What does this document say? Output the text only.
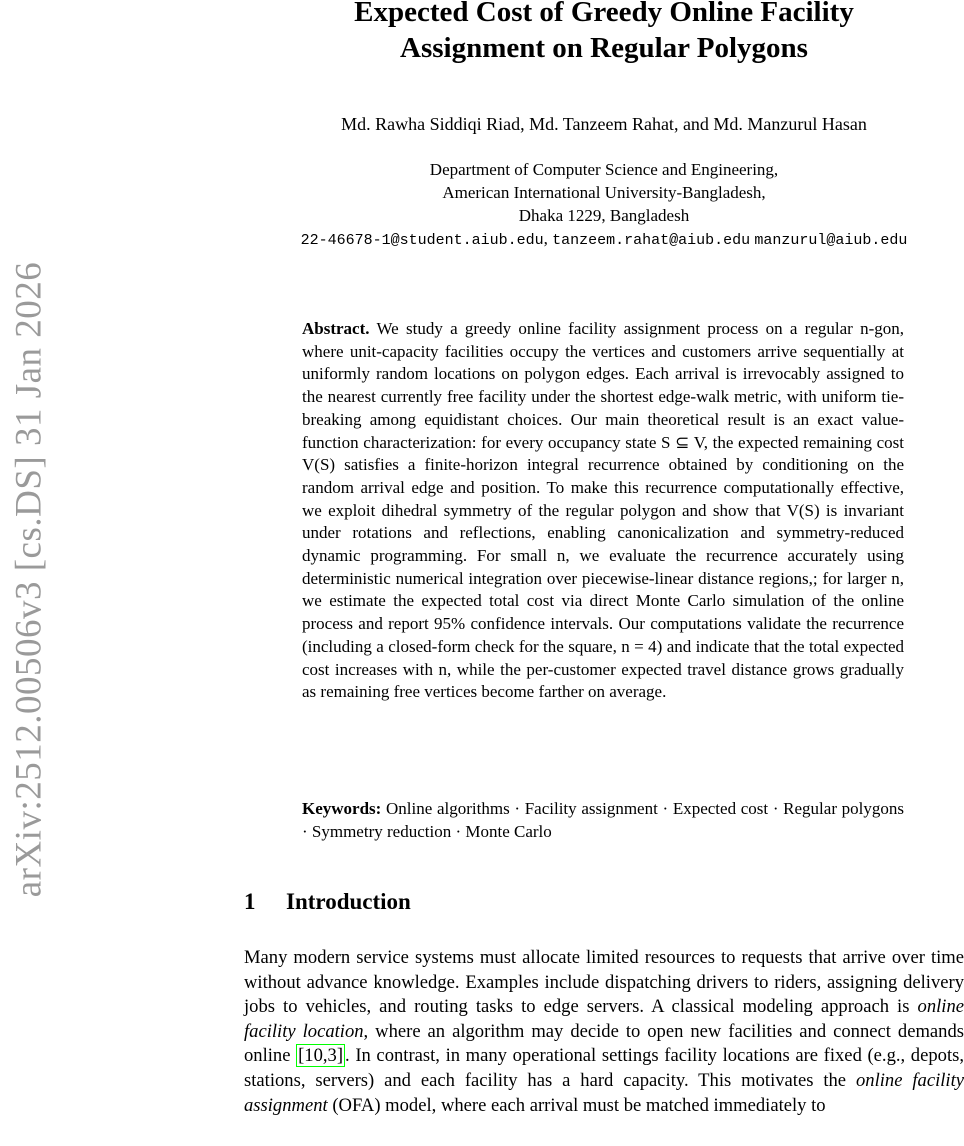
arXiv:2512.00506v3 [cs.DS] 31 Jan 2026
Expected Cost of Greedy Online Facility
Assignment on Regular Polygons

Md. Rawha Siddiqi Riad, Md. Tanzeem Rahat, and Md. Manzurul Hasan

Department of Computer Science and Engineering,
American International University-Bangladesh,
Dhaka 1229, Bangladesh
22-46678-1@student.aiub.edu, tanzeem.rahat@aiub.edu manzurul@aiub.edu

Abstract. We study a greedy online facility assignment process on a regular n-gon, where unit-capacity facilities occupy the vertices and customers arrive sequentially at uniformly random locations on polygon edges. Each arrival is irrevocably assigned to the nearest currently free facility under the shortest edge-walk metric, with uniform tie-breaking among equidistant choices. Our main theoretical result is an exact value-function characterization: for every occupancy state S ⊆ V, the expected remaining cost V(S) satisfies a finite-horizon integral recurrence obtained by conditioning on the random arrival edge and position. To make this recurrence computationally effective, we exploit dihedral symmetry of the regular polygon and show that V(S) is invariant under rotations and reflections, enabling canonicalization and symmetry-reduced dynamic programming. For small n, we evaluate the recurrence accurately using deterministic numerical integration over piecewise-linear distance regions,; for larger n, we estimate the expected total cost via direct Monte Carlo simulation of the online process and report 95% confidence intervals. Our computations validate the recurrence (including a closed-form check for the square, n = 4) and indicate that the total expected cost increases with n, while the per-customer expected travel distance grows gradually as remaining free vertices become farther on average.

Keywords: Online algorithms · Facility assignment · Expected cost · Regular polygons · Symmetry reduction · Monte Carlo

1 Introduction

Many modern service systems must allocate limited resources to requests that arrive over time without advance knowledge. Examples include dispatching drivers to riders, assigning delivery jobs to vehicles, and routing tasks to edge servers. A classical modeling approach is online facility location, where an algorithm may decide to open new facilities and connect demands online [10,3] . In contrast, in many operational settings facility locations are fixed (e.g., depots, stations, servers) and each facility has a hard capacity. This motivates the online facility assignment (OFA) model, where each arrival must be matched immediately to
